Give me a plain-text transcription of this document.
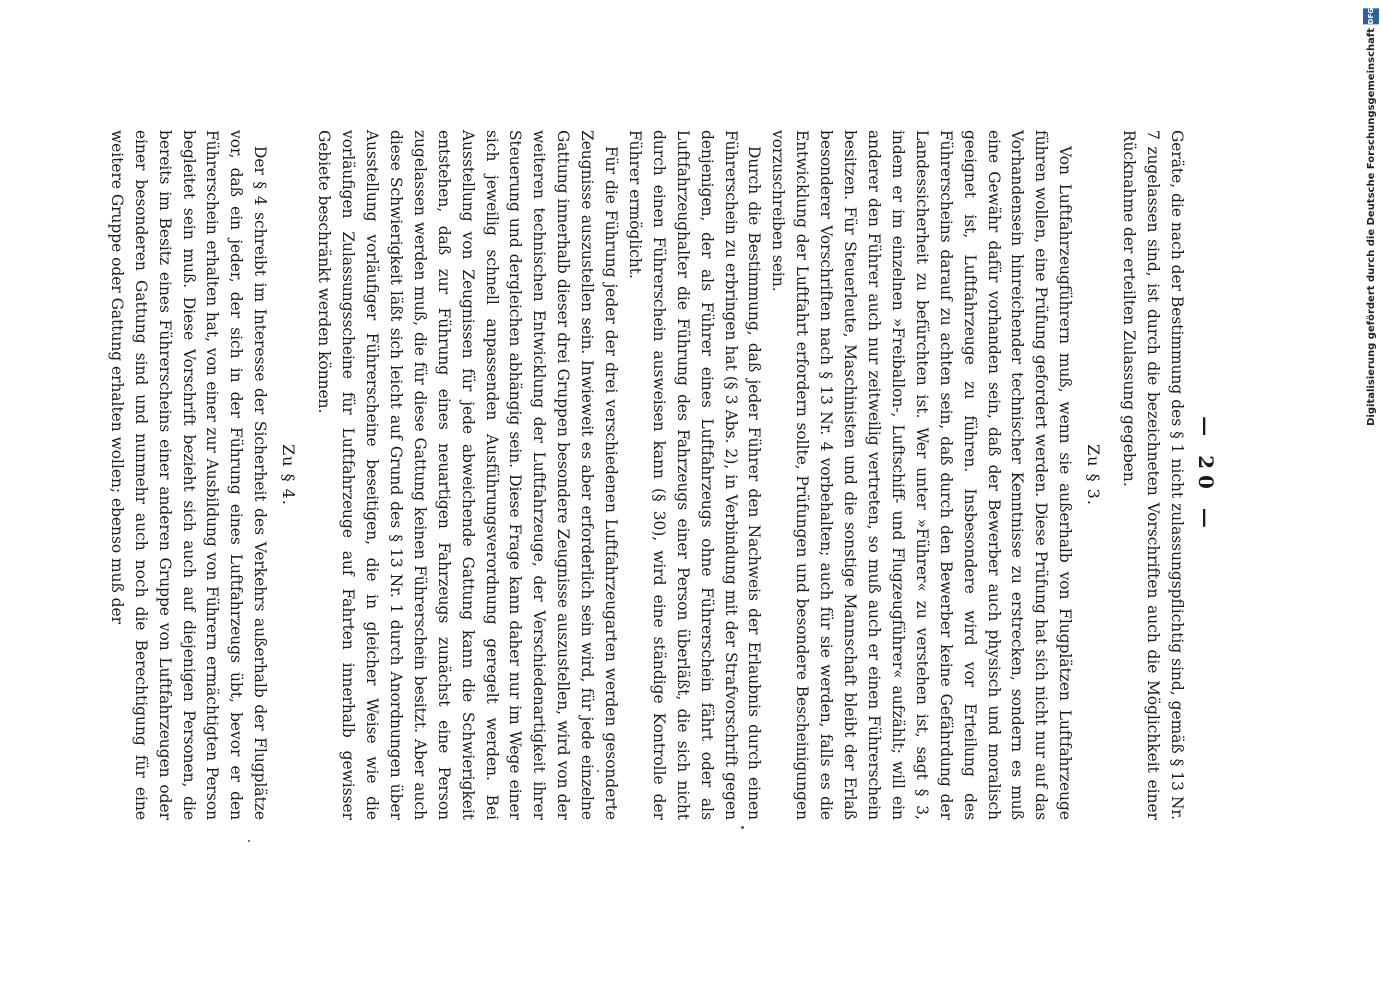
— 20 —

Geräte, die nach der Bestimmung des § 1 nicht zulassungspflichtig sind, gemäß § 13 Nr. 7 zugelassen sind, ist durch die bezeichneten Vorschriften auch die Möglichkeit einer Rücknahme der erteilten Zulassung gegeben.

Zu § 3.

Von Luftfahrzeugführern muß, wenn sie außerhalb von Flugplätzen Luftfahrzeuge führen wollen, eine Prüfung gefordert werden. Diese Prüfung hat sich nicht nur auf das Vorhandensein hinreichender technischer Kenntnisse zu erstrecken, sondern es muß eine Gewähr dafür vorhanden sein, daß der Bewerber auch physisch und moralisch geeignet ist, Luftfahrzeuge zu führen. Insbesondere wird vor Erteilung des Führerscheins darauf zu achten sein, daß durch den Bewerber keine Gefährdung der Landessicherheit zu befürchten ist. Wer unter »Führer« zu verstehen ist, sagt § 3, indem er im einzelnen »Freiballon-, Luftschiff- und Flugzeugführer« aufzählt; will ein anderer den Führer auch nur zeitweilig vertreten, so muß auch er einen Führerschein besitzen. Für Steuerleute, Maschinisten und die sonstige Mannschaft bleibt der Erlaß besonderer Vorschriften nach § 13 Nr. 4 vorbehalten; auch für sie werden, falls es die Entwicklung der Luftfahrt erfordern sollte, Prüfungen und besondere Bescheinigungen vorzuschreiben sein.

Durch die Bestimmung, daß jeder Führer den Nachweis der Erlaubnis durch einen Führerschein zu erbringen hat (§ 3 Abs. 2), in Verbindung mit der Strafvorschrift gegen denjenigen, der als Führer eines Luftfahrzeugs ohne Führerschein fährt oder als Luftfahrzeughalter die Führung des Fahrzeugs einer Person überläßt, die sich nicht durch einen Führerschein ausweisen kann (§ 30), wird eine ständige Kontrolle der Führer ermöglicht.

Für die Führung jeder der drei verschiedenen Luftfahrzeugarten werden gesonderte Zeugnisse auszustellen sein. Inwieweit es aber erforderlich sein wird, für jede einzelne Gattung innerhalb dieser drei Gruppen besondere Zeugnisse auszustellen, wird von der weiteren technischen Entwicklung der Luftfahrzeuge, der Verschiedenartigkeit ihrer Steuerung und dergleichen abhängig sein. Diese Frage kann daher nur im Wege einer sich jeweilig schnell anpassenden Ausführungsverordnung geregelt werden. Bei Ausstellung von Zeugnissen für jede abweichende Gattung kann die Schwierigkeit entstehen, daß zur Führung eines neuartigen Fahrzeugs zunächst eine Person zugelassen werden muß, die für diese Gattung keinen Führerschein besitzt. Aber auch diese Schwierigkeit läßt sich leicht auf Grund des § 13 Nr. 1 durch Anordnungen über Ausstellung vorläufiger Führerscheine beseitigen, die in gleicher Weise wie die vorläufigen Zulassungsscheine für Luftfahrzeuge auf Fahrten innerhalb gewisser Gebiete beschränkt werden können.

Zu § 4.

Der § 4 schreibt im Interesse der Sicherheit des Verkehrs außerhalb der Flugplätze vor, daß ein jeder, der sich in der Führung eines Luftfahrzeugs übt, bevor er den Führerschein erhalten hat, von einer zur Ausbildung von Führern ermächtigten Person begleitet sein muß. Diese Vorschrift bezieht sich auch auf diejenigen Personen, die bereits im Besitz eines Führerscheins einer anderen Gruppe von Luftfahrzeugen oder einer besonderen Gattung sind und nunmehr auch noch die Berechtigung für eine weitere Gruppe oder Gattung erhalten wollen; ebenso muß der

DFG
Digitalisierung gefördert durch die Deutsche Forschungsgemeinschaft
